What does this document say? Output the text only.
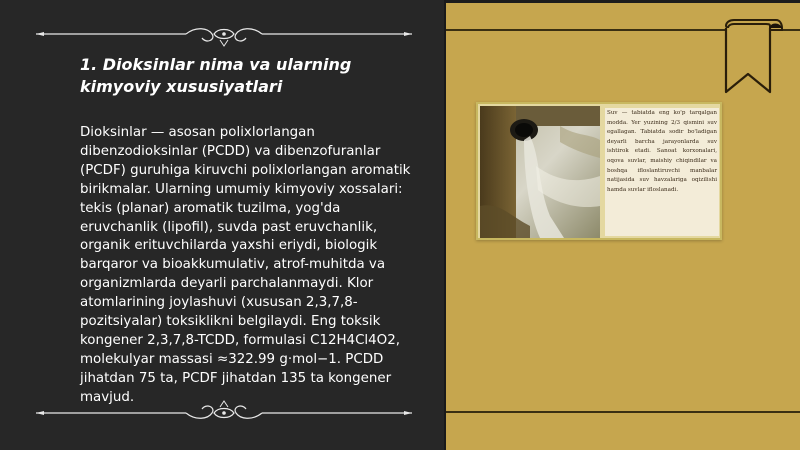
1. Dioksinlar nima va ularning
kimyoviy xususiyatlari
Dioksinlar — asosan polixlorlangan dibenzodioksinlar (PCDD) va dibenzofuranlar (PCDF) guruhiga kiruvchi polixlorlangan aromatik birikmalar. Ularning umumiy kimyoviy xossalari: tekis (planar) aromatik tuzilma, yog'da eruvchanlik (lipofil), suvda past eruvchanlik, organik erituvchilarda yaxshi eriydi, biologik barqaror va bioakkumulativ, atrof-muhitda va organizmlarda deyarli parchalanmaydi. Klor atomlarining joylashuvi (xususan 2,3,7,8-pozitsiyalar) toksiklikni belgilaydi. Eng toksik kongener 2,3,7,8-TCDD, formulasi C12H4Cl4O2, molekulyar massasi ≈322.99 g·mol−1. PCDD jihatdan 75 ta, PCDF jihatdan 135 ta kongener mavjud.
Suv — tabiatda eng ko'p tarqalgan modda. Yer yuzining 2/3 qismini suv egallagan. Tabiatda sodir bo'ladigan deyarli barcha jarayonlarda suv ishtirok etadi. Sanoat korxonalari, oqova suvlar, maishiy chiqindilar va boshqa ifloslantiruvchi manbalar natijasida suv havzalariga oqizilishi hamda suvlar ifloslanadi.
